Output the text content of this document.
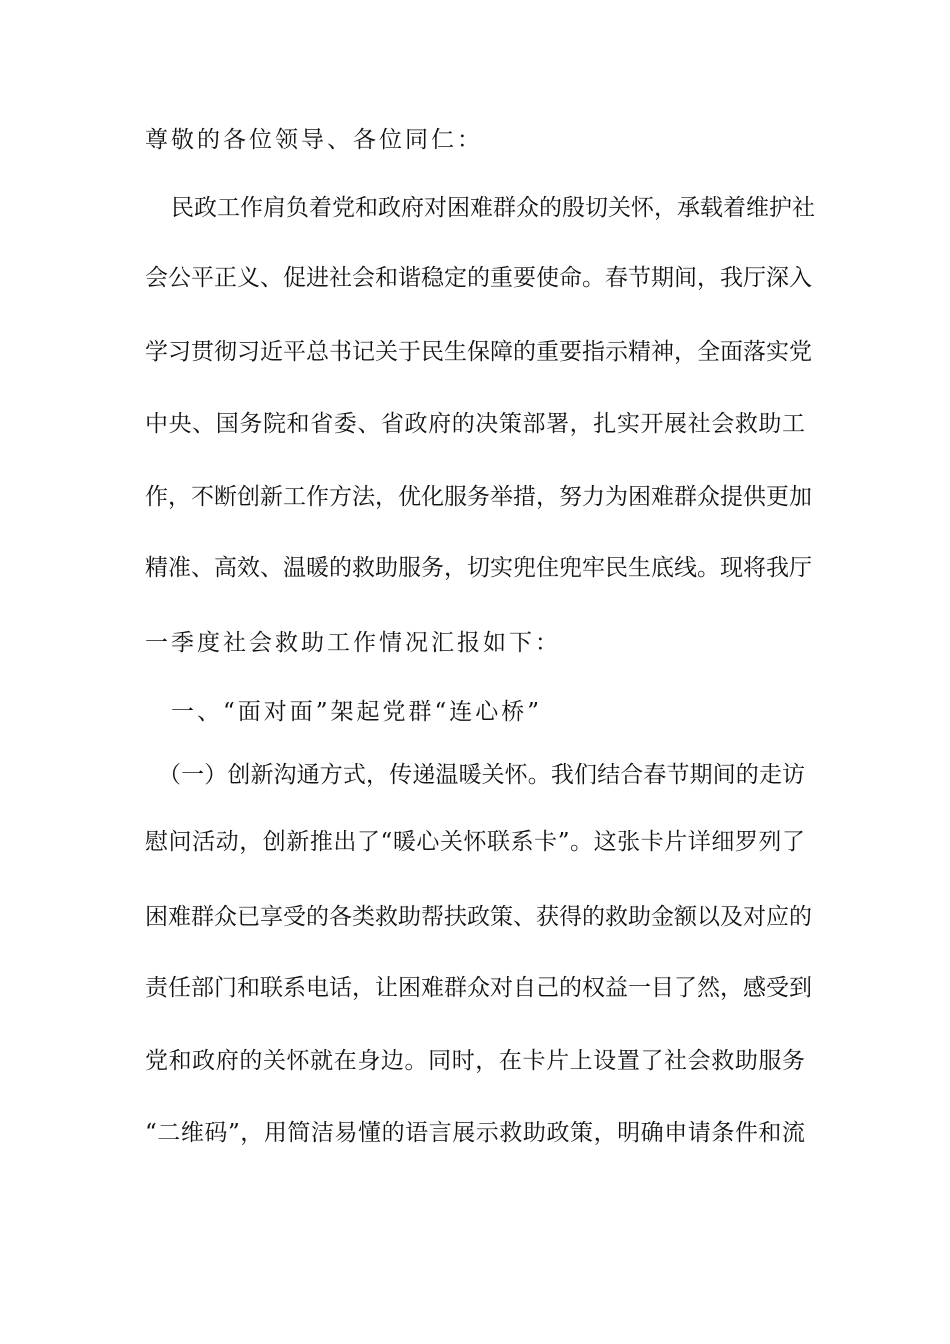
尊敬的各位领导、各位同仁：
民政工作肩负着党和政府对困难群众的殷切关怀，承载着维护社
会公平正义、促进社会和谐稳定的重要使命。春节期间，我厅深入
学习贯彻习近平总书记关于民生保障的重要指示精神，全面落实党
中央、国务院和省委、省政府的决策部署，扎实开展社会救助工
作，不断创新工作方法，优化服务举措，努力为困难群众提供更加
精准、高效、温暖的救助服务，切实兜住兜牢民生底线。现将我厅
一季度社会救助工作情况汇报如下：
一、“面对面”架起党群“连心桥”
（一）创新沟通方式，传递温暖关怀。我们结合春节期间的走访
慰问活动，创新推出了“暖心关怀联系卡”。这张卡片详细罗列了
困难群众已享受的各类救助帮扶政策、获得的救助金额以及对应的
责任部门和联系电话，让困难群众对自己的权益一目了然，感受到
党和政府的关怀就在身边。同时，在卡片上设置了社会救助服务
“二维码”，用简洁易懂的语言展示救助政策，明确申请条件和流
